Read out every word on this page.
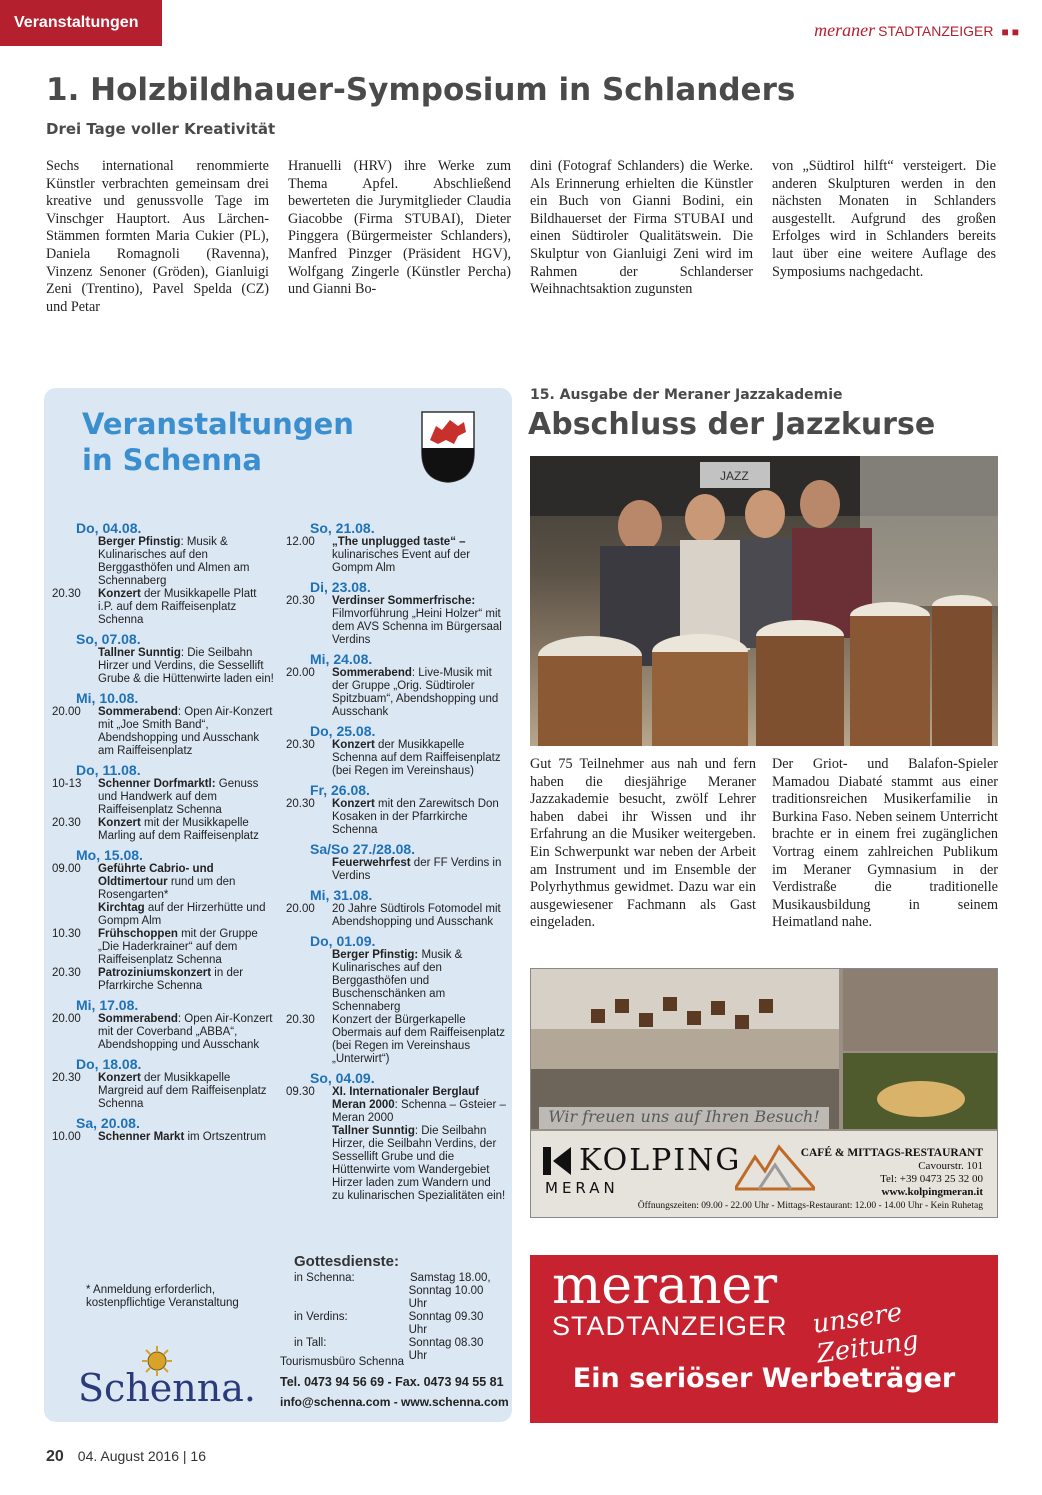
Veranstaltungen	meraner STADTANZEIGER ■■
1. Holzbildhauer-Symposium in Schlanders
Drei Tage voller Kreativität

Sechs international renommierte Künstler verbrachten gemeinsam drei kreative und genussvolle Tage im Vinschger Hauptort. Aus Lärchen-Stämmen formten Maria Cukier (PL), Daniela Romagnoli (Ravenna), Vinzenz Senoner (Gröden), Gianluigi Zeni (Trentino), Pavel Spelda (CZ) und Petar

Hranuelli (HRV) ihre Werke zum Thema Apfel. Abschließend bewerteten die Jurymitglieder Claudia Giacobbe (Firma STUBAI), Dieter Pinggera (Bürgermeister Schlanders), Manfred Pinzger (Präsident HGV), Wolfgang Zingerle (Künstler Percha) und Gianni Bo-

dini (Fotograf Schlanders) die Werke. Als Erinnerung erhielten die Künstler ein Buch von Gianni Bodini, ein Bildhauerset der Firma STUBAI und einen Südtiroler Qualitätswein. Die Skulptur von Gianluigi Zeni wird im Rahmen der Schlanderser Weihnachtsaktion zugunsten

von „Südtirol hilft“ versteigert. Die anderen Skulpturen werden in den nächsten Monaten in Schlanders ausgestellt. Aufgrund des großen Erfolges wird in Schlanders bereits laut über eine weitere Auflage des Symposiums nachgedacht.

Veranstaltungen
in Schenna
Do, 04.08.
Berger Pfinstig: Musik & Kulinarisches auf den Berggasthöfen und Almen am Schennaberg
20.30	Konzert der Musikkapelle Platt i.P. auf dem Raiffeisenplatz Schenna
So, 07.08.
Tallner Sunntig: Die Seilbahn Hirzer und Verdins, die Sessellift Grube & die Hüttenwirte laden ein!
Mi, 10.08.
20.00	Sommerabend: Open Air-Konzert mit „Joe Smith Band“, Abendshopping und Ausschank am Raiffeisenplatz
Do, 11.08.
10-13	Schenner Dorfmarktl: Genuss und Handwerk auf dem Raiffeisenplatz Schenna
20.30	Konzert mit der Musikkapelle Marling auf dem Raiffeisenplatz
Mo, 15.08.
09.00	Geführte Cabrio- und Oldtimertour rund um den Rosengarten*
Kirchtag auf der Hirzerhütte und Gompm Alm
10.30	Frühschoppen mit der Gruppe „Die Haderkrainer“ auf dem Raiffeisenplatz Schenna
20.30	Patroziniumskonzert in der Pfarrkirche Schenna
Mi, 17.08.
20.00	Sommerabend: Open Air-Konzert mit der Coverband „ABBA“, Abendshopping und Ausschank
Do, 18.08.
20.30	Konzert der Musikkapelle Margreid auf dem Raiffeisenplatz Schenna
Sa, 20.08.
10.00	Schenner Markt im Ortszentrum
So, 21.08.
12.00	„The unplugged taste“ – kulinarisches Event auf der Gompm Alm
Di, 23.08.
20.30	Verdinser Sommerfrische: Filmvorführung „Heini Holzer“ mit dem AVS Schenna im Bürgersaal Verdins
Mi, 24.08.
20.00	Sommerabend: Live-Musik mit der Gruppe „Orig. Südtiroler Spitzbuam“, Abendshopping und Ausschank
Do, 25.08.
20.30	Konzert der Musikkapelle Schenna auf dem Raiffeisenplatz (bei Regen im Vereinshaus)
Fr, 26.08.
20.30	Konzert mit den Zarewitsch Don Kosaken in der Pfarrkirche Schenna
Sa/So 27./28.08.
Feuerwehrfest der FF Verdins in Verdins
Mi, 31.08.
20.00	20 Jahre Südtirols Fotomodel mit Abendshopping und Ausschank
Do, 01.09.
Berger Pfinstig: Musik & Kulinarisches auf den Berggasthöfen und Buschenschänken am Schennaberg
20.30	Konzert der Bürgerkapelle Obermais auf dem Raiffeisenplatz (bei Regen im Vereinshaus „Unterwirt“)
So, 04.09.
09.30	XI. Internationaler Berglauf Meran 2000: Schenna – Gsteier – Meran 2000
Tallner Sunntig: Die Seilbahn Hirzer, die Seilbahn Verdins, der Sessellift Grube und die Hüttenwirte vom Wandergebiet Hirzer laden zum Wandern und zu kulinarischen Spezialitäten ein!
* Anmeldung erforderlich, kostenpflichtige Veranstaltung
Gottesdienste:
in Schenna:	Samstag 18.00,
Sonntag 10.00 Uhr
in Verdins:	Sonntag 09.30 Uhr
in Tall:	Sonntag 08.30 Uhr
Schenna.
Tourismusbüro Schenna
Tel. 0473 94 56 69 - Fax. 0473 94 55 81
info@schenna.com - www.schenna.com
15. Ausgabe der Meraner Jazzakademie
Abschluss der Jazzkurse
JAZZ

Gut 75 Teilnehmer aus nah und fern haben die diesjährige Meraner Jazzakademie besucht, zwölf Lehrer haben dabei ihr Wissen und ihr Erfahrung an die Musiker weitergeben. Ein Schwerpunkt war neben der Arbeit am Instrument und im Ensemble der Polyrhythmus gewidmet. Dazu war ein ausgewiesener Fachmann als Gast eingeladen.

Der Griot- und Balafon-Spieler Mamadou Diabaté stammt aus einer traditionsreichen Musikerfamilie in Burkina Faso. Neben seinem Unterricht brachte er in einem frei zugänglichen Vortrag einem zahlreichen Publikum im Meraner Gymnasium in der Verdistraße die traditionelle Musikausbildung in seinem Heimatland nahe.

Wir freuen uns auf Ihren Besuch!
KOLPING
MERAN
CAFÉ & MITTAGS-RESTAURANT
Cavourstr. 101
Tel: +39 0473 25 32 00
www.kolpingmeran.it
Öffnungszeiten: 09.00 - 22.00 Uhr - Mittags-Restaurant: 12.00 - 14.00 Uhr - Kein Ruhetag
meraner
STADTANZEIGER unsere Zeitung
Ein seriöser Werbeträger
20 04. August 2016 | 16
